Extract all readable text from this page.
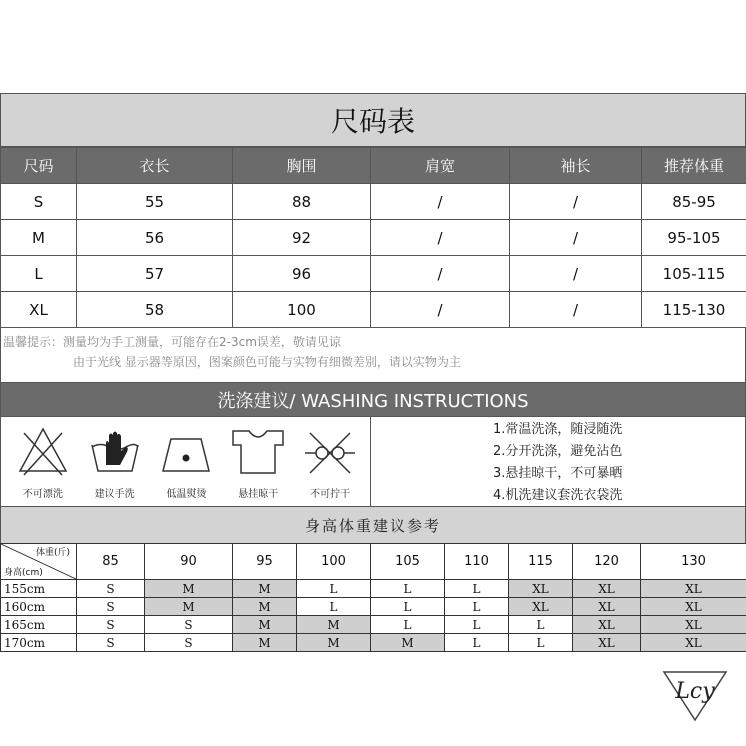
尺码表
尺码	衣长	胸围	肩宽	袖长	推荐体重
S	55	88	/	/	85-95
M	56	92	/	/	95-105
L	57	96	/	/	105-115
XL	58	100	/	/	115-130
温馨提示：测量均为手工测量，可能存在2-3cm误差，敬请见谅
由于光线 显示器等原因，图案颜色可能与实物有细微差别，请以实物为主
洗涤建议/ WASHING INSTRUCTIONS
不可漂洗	建议手洗	低温熨烫	悬挂晾干	不可拧干
1.常温洗涤，随浸随洗
2.分开洗涤，避免沾色
3.悬挂晾干，不可暴晒
4.机洗建议套洗衣袋洗
身高体重建议参考
体重(斤)
身高(cm)	85	90	95	100	105	110	115	120	130
155cm	S	M	M	L	L	L	XL	XL	XL
160cm	S	M	M	L	L	L	XL	XL	XL
165cm	S	S	M	M	L	L	L	XL	XL
170cm	S	S	M	M	M	L	L	XL	XL
Lcy
